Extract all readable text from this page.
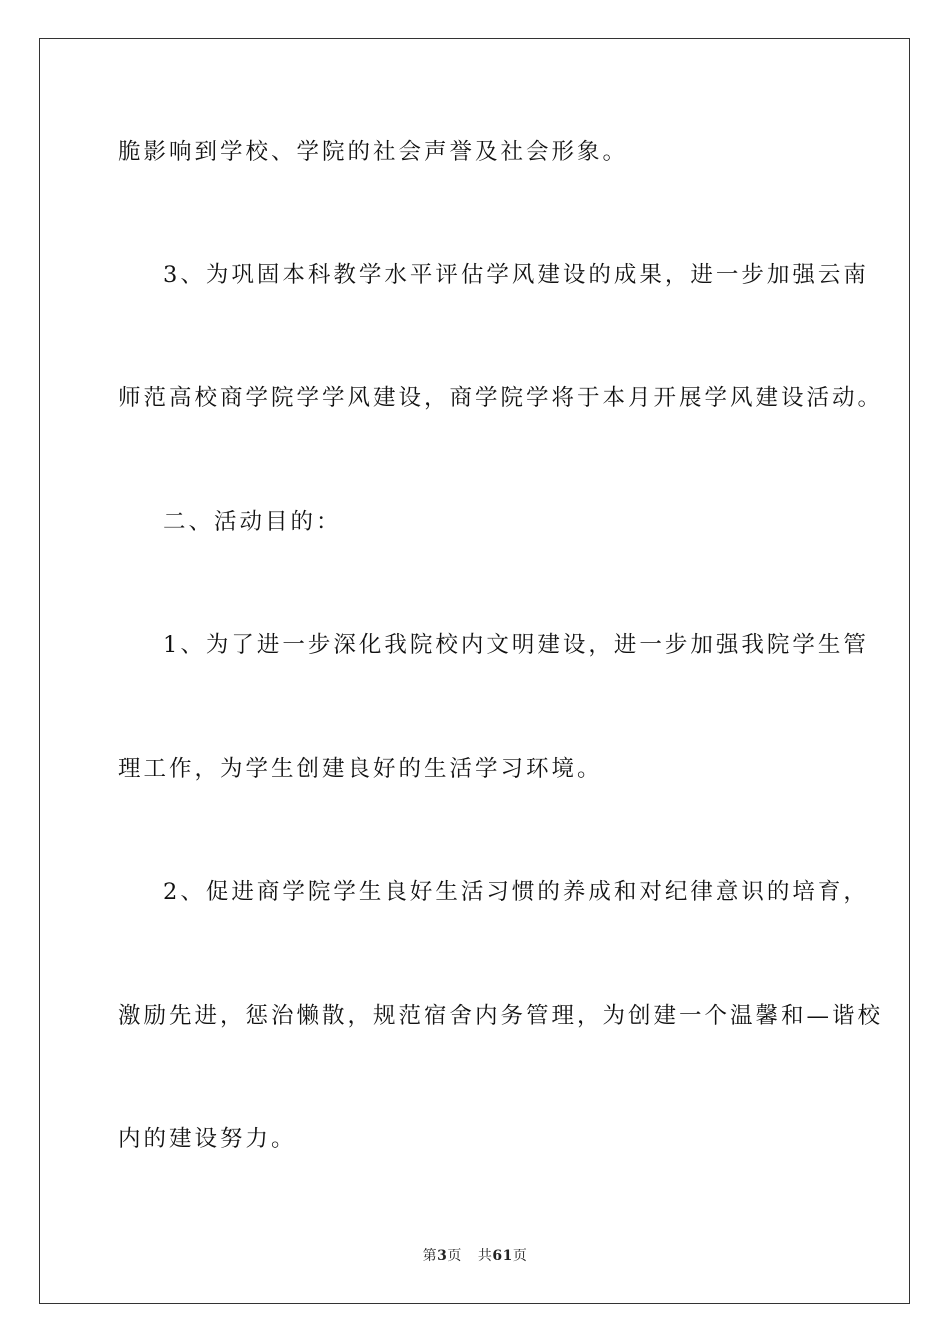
脆影响到学校、学院的社会声誉及社会形象。
3、为巩固本科教学水平评估学风建设的成果，进一步加强云南
师范高校商学院学学风建设，商学院学将于本月开展学风建设活动。
二、活动目的：
1、为了进一步深化我院校内文明建设，进一步加强我院学生管
理工作，为学生创建良好的生活学习环境。
2、促进商学院学生良好生活习惯的养成和对纪律意识的培育，
激励先进，惩治懒散，规范宿舍内务管理，为创建一个温馨和—谐校
内的建设努力。
第3页 共61页
